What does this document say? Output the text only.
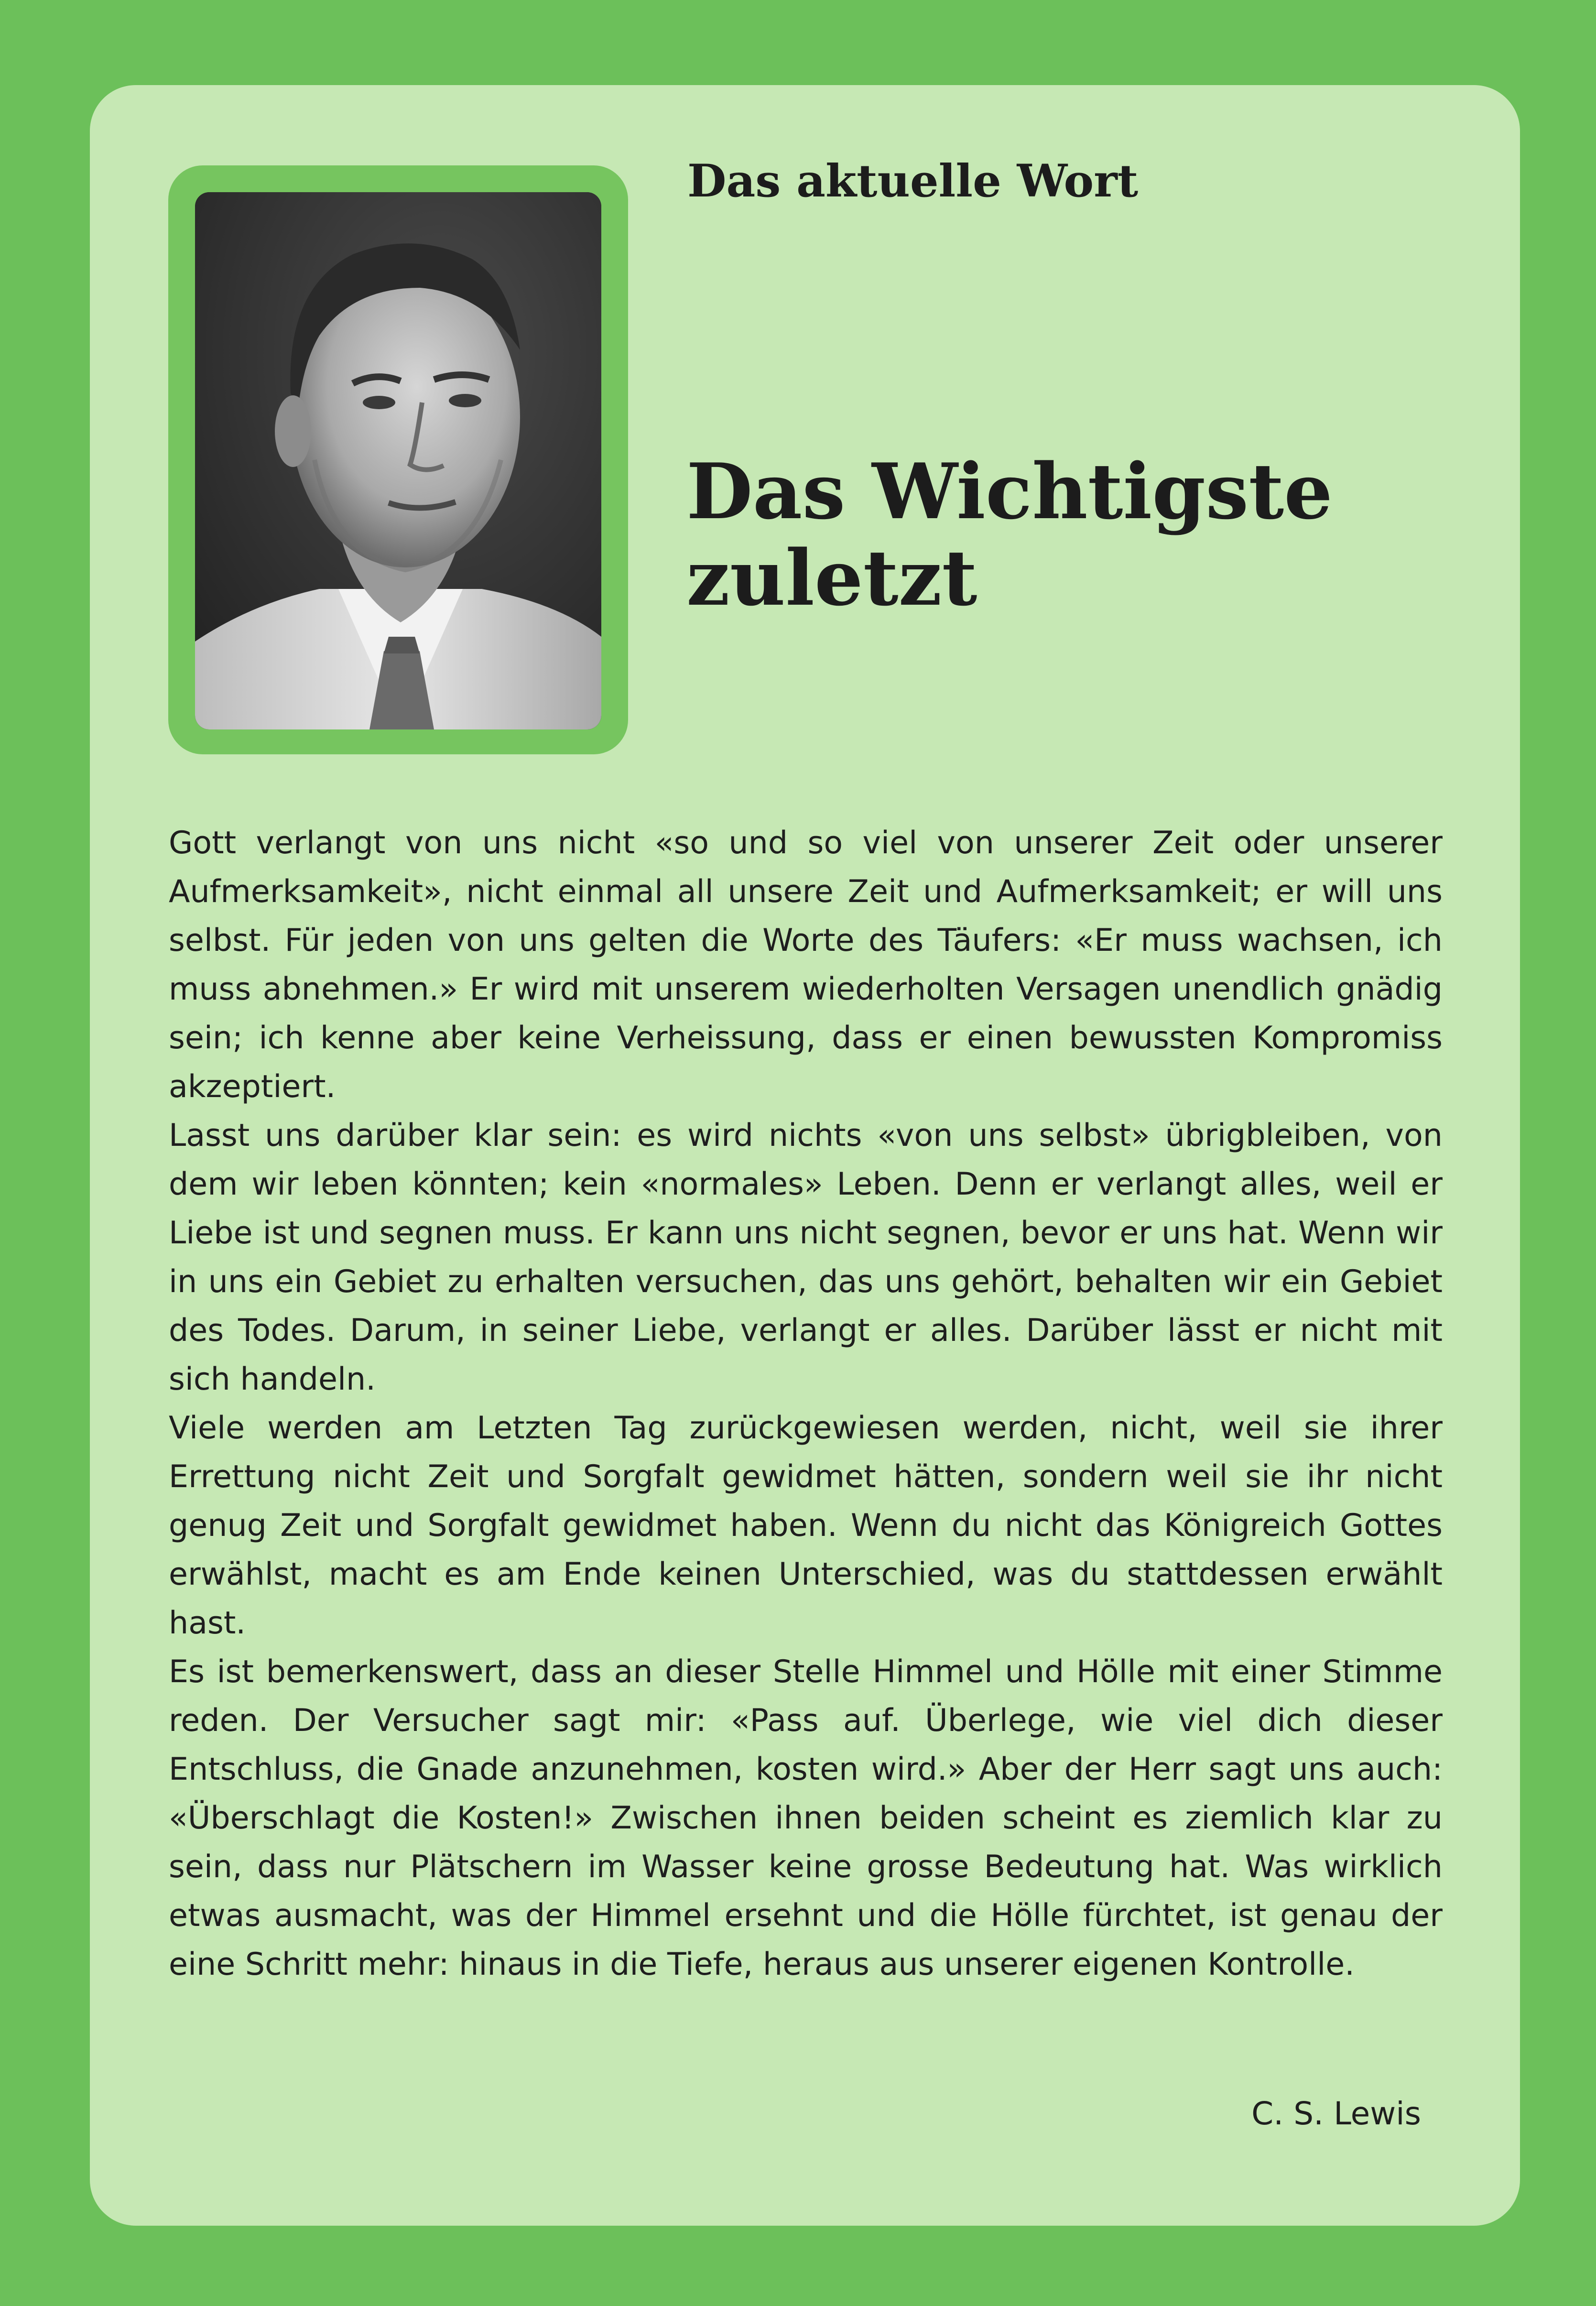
Das aktuelle Wort
Das Wichtigste
zuletzt

Gott verlangt von uns nicht «so und so viel von unserer Zeit oder unserer Aufmerksamkeit», nicht einmal all unsere Zeit und Aufmerksamkeit; er will uns selbst. Für jeden von uns gelten die Worte des Täufers: «Er muss wachsen, ich muss abnehmen.» Er wird mit unserem wiederholten Versagen unendlich gnädig sein; ich kenne aber keine Verheissung, dass er einen bewussten Kompromiss akzeptiert.

Lasst uns darüber klar sein: es wird nichts «von uns selbst» übrigbleiben, von dem wir leben könnten; kein «normales» Leben. Denn er verlangt alles, weil er Liebe ist und segnen muss. Er kann uns nicht segnen, bevor er uns hat. Wenn wir in uns ein Gebiet zu erhalten versuchen, das uns gehört, behalten wir ein Gebiet des Todes. Darum, in seiner Liebe, verlangt er alles. Darüber lässt er nicht mit sich handeln.

Viele werden am Letzten Tag zurückgewiesen werden, nicht, weil sie ihrer Errettung nicht Zeit und Sorgfalt gewidmet hätten, sondern weil sie ihr nicht genug Zeit und Sorgfalt gewidmet haben. Wenn du nicht das Königreich Gottes erwählst, macht es am Ende keinen Unterschied, was du stattdessen erwählt hast.

Es ist bemerkenswert, dass an dieser Stelle Himmel und Hölle mit einer Stimme reden. Der Versucher sagt mir: «Pass auf. Überlege, wie viel dich dieser Entschluss, die Gnade anzunehmen, kosten wird.» Aber der Herr sagt uns auch: «Überschlagt die Kosten!» Zwischen ihnen beiden scheint es ziemlich klar zu sein, dass nur Plätschern im Wasser keine grosse Bedeutung hat. Was wirklich etwas ausmacht, was der Himmel ersehnt und die Hölle fürchtet, ist genau der eine Schritt mehr: hinaus in die Tiefe, heraus aus unserer eigenen Kontrolle.

C. S. Lewis
